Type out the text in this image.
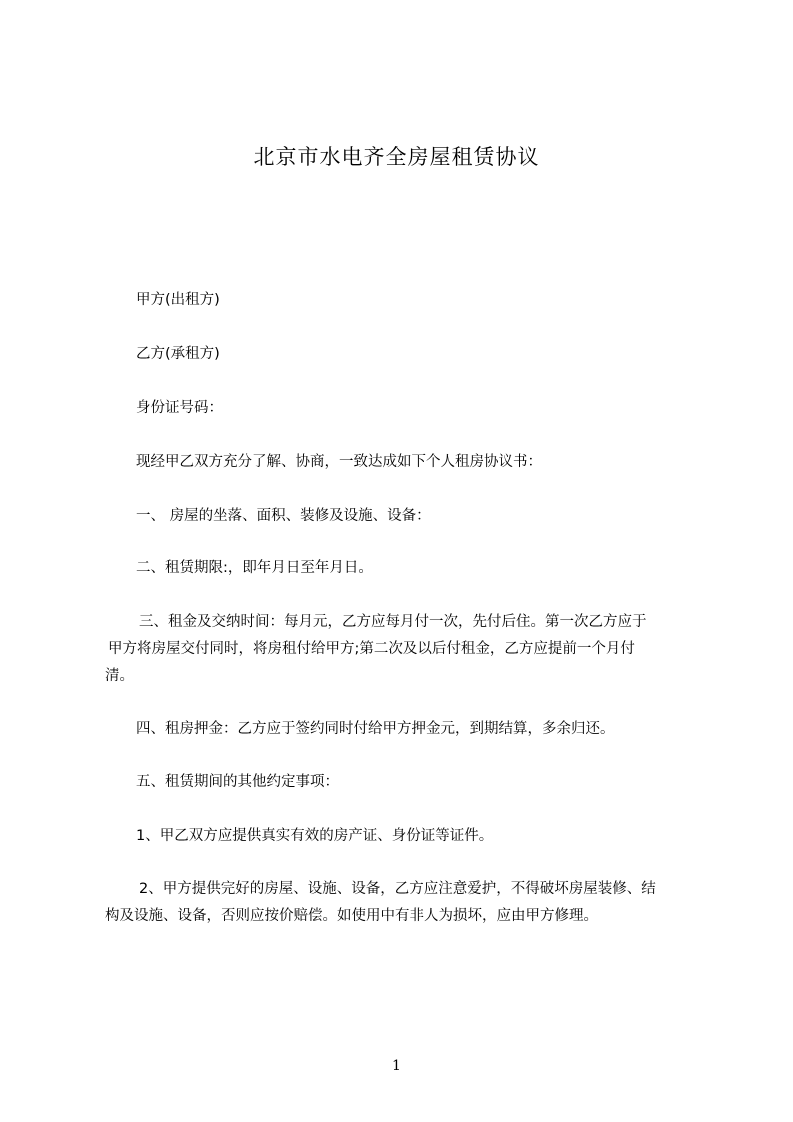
北京市水电齐全房屋租赁协议
甲方(出租方)
乙方(承租方)
身份证号码：
现经甲乙双方充分了解、协商，一致达成如下个人租房协议书：
一、 房屋的坐落、面积、装修及设施、设备：
二、租赁期限:，即年月日至年月日。
三、租金及交纳时间：每月元，乙方应每月付一次，先付后住。第一次乙方应于
甲方将房屋交付同时，将房租付给甲方;第二次及以后付租金，乙方应提前一个月付
清。
四、租房押金：乙方应于签约同时付给甲方押金元，到期结算，多余归还。
五、租赁期间的其他约定事项：
1、甲乙双方应提供真实有效的房产证、身份证等证件。
2、甲方提供完好的房屋、设施、设备，乙方应注意爱护，不得破坏房屋装修、结
构及设施、设备，否则应按价赔偿。如使用中有非人为损坏，应由甲方修理。
1
